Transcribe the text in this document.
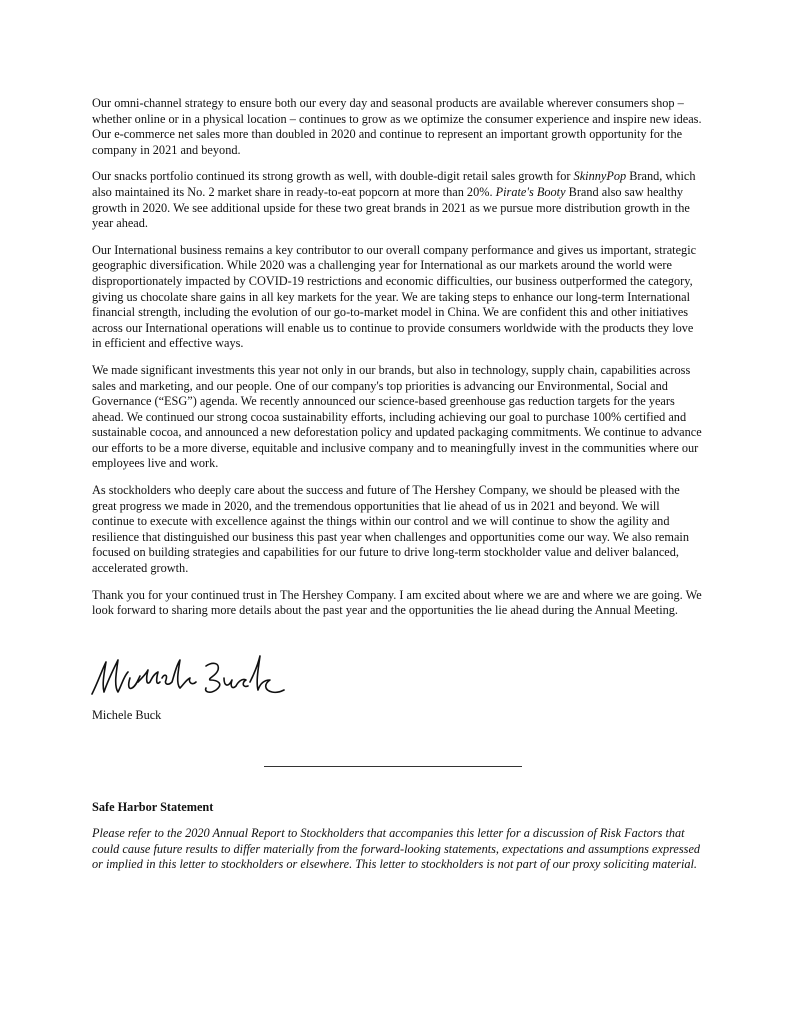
Our omni-channel strategy to ensure both our every day and seasonal products are available wherever consumers shop – whether online or in a physical location – continues to grow as we optimize the consumer experience and inspire new ideas. Our e-commerce net sales more than doubled in 2020 and continue to represent an important growth opportunity for the company in 2021 and beyond.

Our snacks portfolio continued its strong growth as well, with double-digit retail sales growth for SkinnyPop Brand, which also maintained its No. 2 market share in ready-to-eat popcorn at more than 20%. Pirate's Booty Brand also saw healthy growth in 2020. We see additional upside for these two great brands in 2021 as we pursue more distribution growth in the year ahead.

Our International business remains a key contributor to our overall company performance and gives us important, strategic geographic diversification. While 2020 was a challenging year for International as our markets around the world were disproportionately impacted by COVID-19 restrictions and economic difficulties, our business outperformed the category, giving us chocolate share gains in all key markets for the year. We are taking steps to enhance our long-term International financial strength, including the evolution of our go-to-market model in China. We are confident this and other initiatives across our International operations will enable us to continue to provide consumers worldwide with the products they love in efficient and effective ways.

We made significant investments this year not only in our brands, but also in technology, supply chain, capabilities across sales and marketing, and our people. One of our company's top priorities is advancing our Environmental, Social and Governance (“ESG”) agenda. We recently announced our science-based greenhouse gas reduction targets for the years ahead. We continued our strong cocoa sustainability efforts, including achieving our goal to purchase 100% certified and sustainable cocoa, and announced a new deforestation policy and updated packaging commitments. We continue to advance our efforts to be a more diverse, equitable and inclusive company and to meaningfully invest in the communities where our employees live and work.

As stockholders who deeply care about the success and future of The Hershey Company, we should be pleased with the great progress we made in 2020, and the tremendous opportunities that lie ahead of us in 2021 and beyond. We will continue to execute with excellence against the things within our control and we will continue to show the agility and resilience that distinguished our business this past year when challenges and opportunities come our way. We also remain focused on building strategies and capabilities for our future to drive long-term stockholder value and deliver balanced, accelerated growth.

Thank you for your continued trust in The Hershey Company. I am excited about where we are and where we are going. We look forward to sharing more details about the past year and the opportunities the lie ahead during the Annual Meeting.

Michele Buck
Safe Harbor Statement
Please refer to the 2020 Annual Report to Stockholders that accompanies this letter for a discussion of Risk Factors that could cause future results to differ materially from the forward-looking statements, expectations and assumptions expressed or implied in this letter to stockholders or elsewhere. This letter to stockholders is not part of our proxy soliciting material.
